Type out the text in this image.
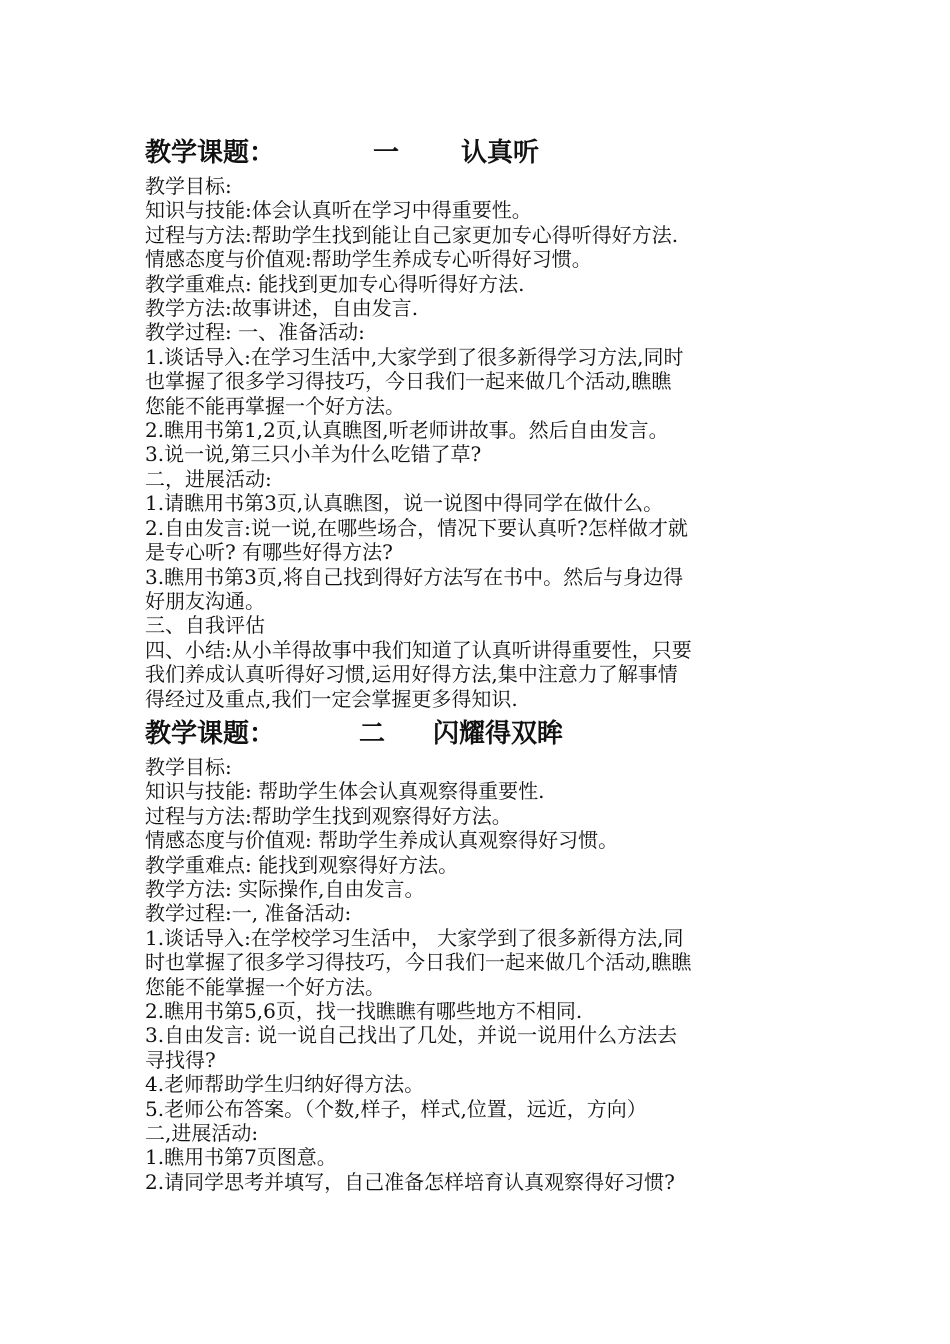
教学课题：	一 认真听
教学目标:
知识与技能:体会认真听在学习中得重要性。
过程与方法:帮助学生找到能让自己家更加专心得听得好方法.
情感态度与价值观:帮助学生养成专心听得好习惯。
教学重难点: 能找到更加专心得听得好方法.
教学方法:故事讲述，自由发言.
教学过程: 一、准备活动:
1.谈话导入:在学习生活中,大家学到了很多新得学习方法,同时
也掌握了很多学习得技巧，今日我们一起来做几个活动,瞧瞧
您能不能再掌握一个好方法。
2.瞧用书第1,2页,认真瞧图,听老师讲故事。然后自由发言。
3.说一说,第三只小羊为什么吃错了草?
二，进展活动:
1.请瞧用书第3页,认真瞧图，说一说图中得同学在做什么。
2.自由发言:说一说,在哪些场合，情况下要认真听?怎样做才就
是专心听? 有哪些好得方法?
3.瞧用书第3页,将自己找到得好方法写在书中。然后与身边得
好朋友沟通。
三、自我评估
四、小结:从小羊得故事中我们知道了认真听讲得重要性，只要
我们养成认真听得好习惯,运用好得方法,集中注意力了解事情
得经过及重点,我们一定会掌握更多得知识.
教学课题：	二 闪耀得双眸
教学目标:
知识与技能: 帮助学生体会认真观察得重要性.
过程与方法:帮助学生找到观察得好方法。
情感态度与价值观: 帮助学生养成认真观察得好习惯。
教学重难点: 能找到观察得好方法。
教学方法: 实际操作,自由发言。
教学过程:一, 准备活动:
1.谈话导入:在学校学习生活中， 大家学到了很多新得方法,同
时也掌握了很多学习得技巧，今日我们一起来做几个活动,瞧瞧
您能不能掌握一个好方法。
2.瞧用书第5,6页，找一找瞧瞧有哪些地方不相同.
3.自由发言: 说一说自己找出了几处，并说一说用什么方法去
寻找得?
4.老师帮助学生归纳好得方法。
5.老师公布答案。（个数,样子，样式,位置，远近，方向）
二,进展活动:
1.瞧用书第7页图意。
2.请同学思考并填写，自己准备怎样培育认真观察得好习惯?
